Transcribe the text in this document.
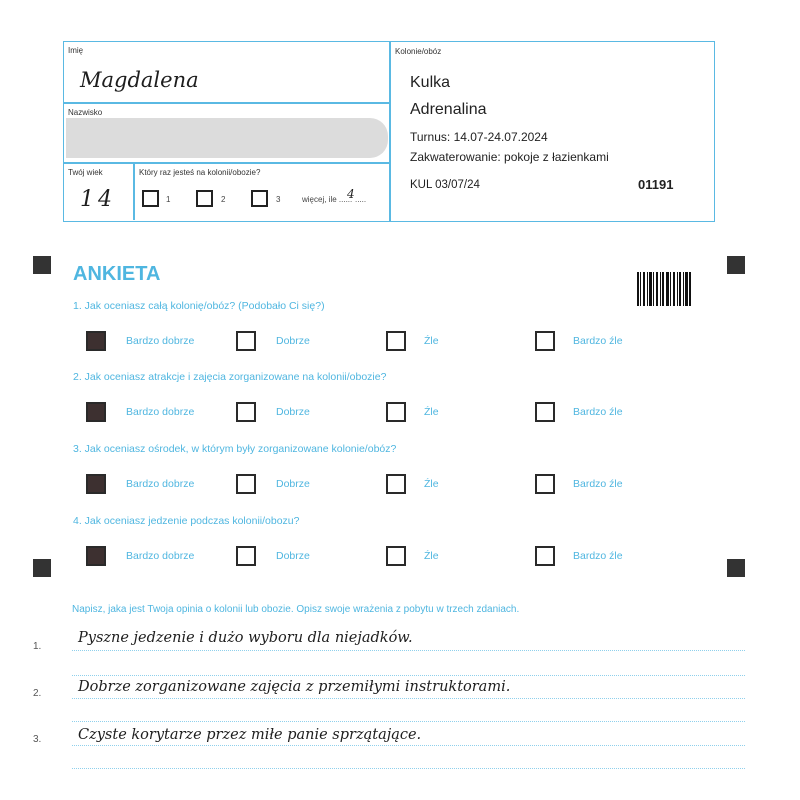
Imię
Magdalena
Nazwisko
Twój wiek
14
Który raz jesteś na kolonii/obozie?
1	2	3	więcej, ile ......
4 .....
Kolonie/obóz
Kulka
Adrenalina
Turnus: 14.07-24.07.2024
Zakwaterowanie: pokoje z łazienkami
KUL 03/07/24	01191
ANKIETA
1. Jak oceniasz całą kolonię/obóz? (Podobało Ci się?)
Bardzo dobrze	Dobrze	Źle	Bardzo źle
2. Jak oceniasz atrakcje i zajęcia zorganizowane na kolonii/obozie?
Bardzo dobrze	Dobrze	Źle	Bardzo źle
3. Jak oceniasz ośrodek, w którym były zorganizowane kolonie/obóz?
Bardzo dobrze	Dobrze	Źle	Bardzo źle
4. Jak oceniasz jedzenie podczas kolonii/obozu?
Bardzo dobrze	Dobrze	Źle	Bardzo źle
Napisz, jaka jest Twoja opinia o kolonii lub obozie. Opisz swoje wrażenia z pobytu w trzech zdaniach.
1.
2.
3.
Pyszne jedzenie i dużo wyboru dla niejadków.
Dobrze zorganizowane zajęcia z przemiłymi instruktorami.
Czyste korytarze przez miłe panie sprzątające.
